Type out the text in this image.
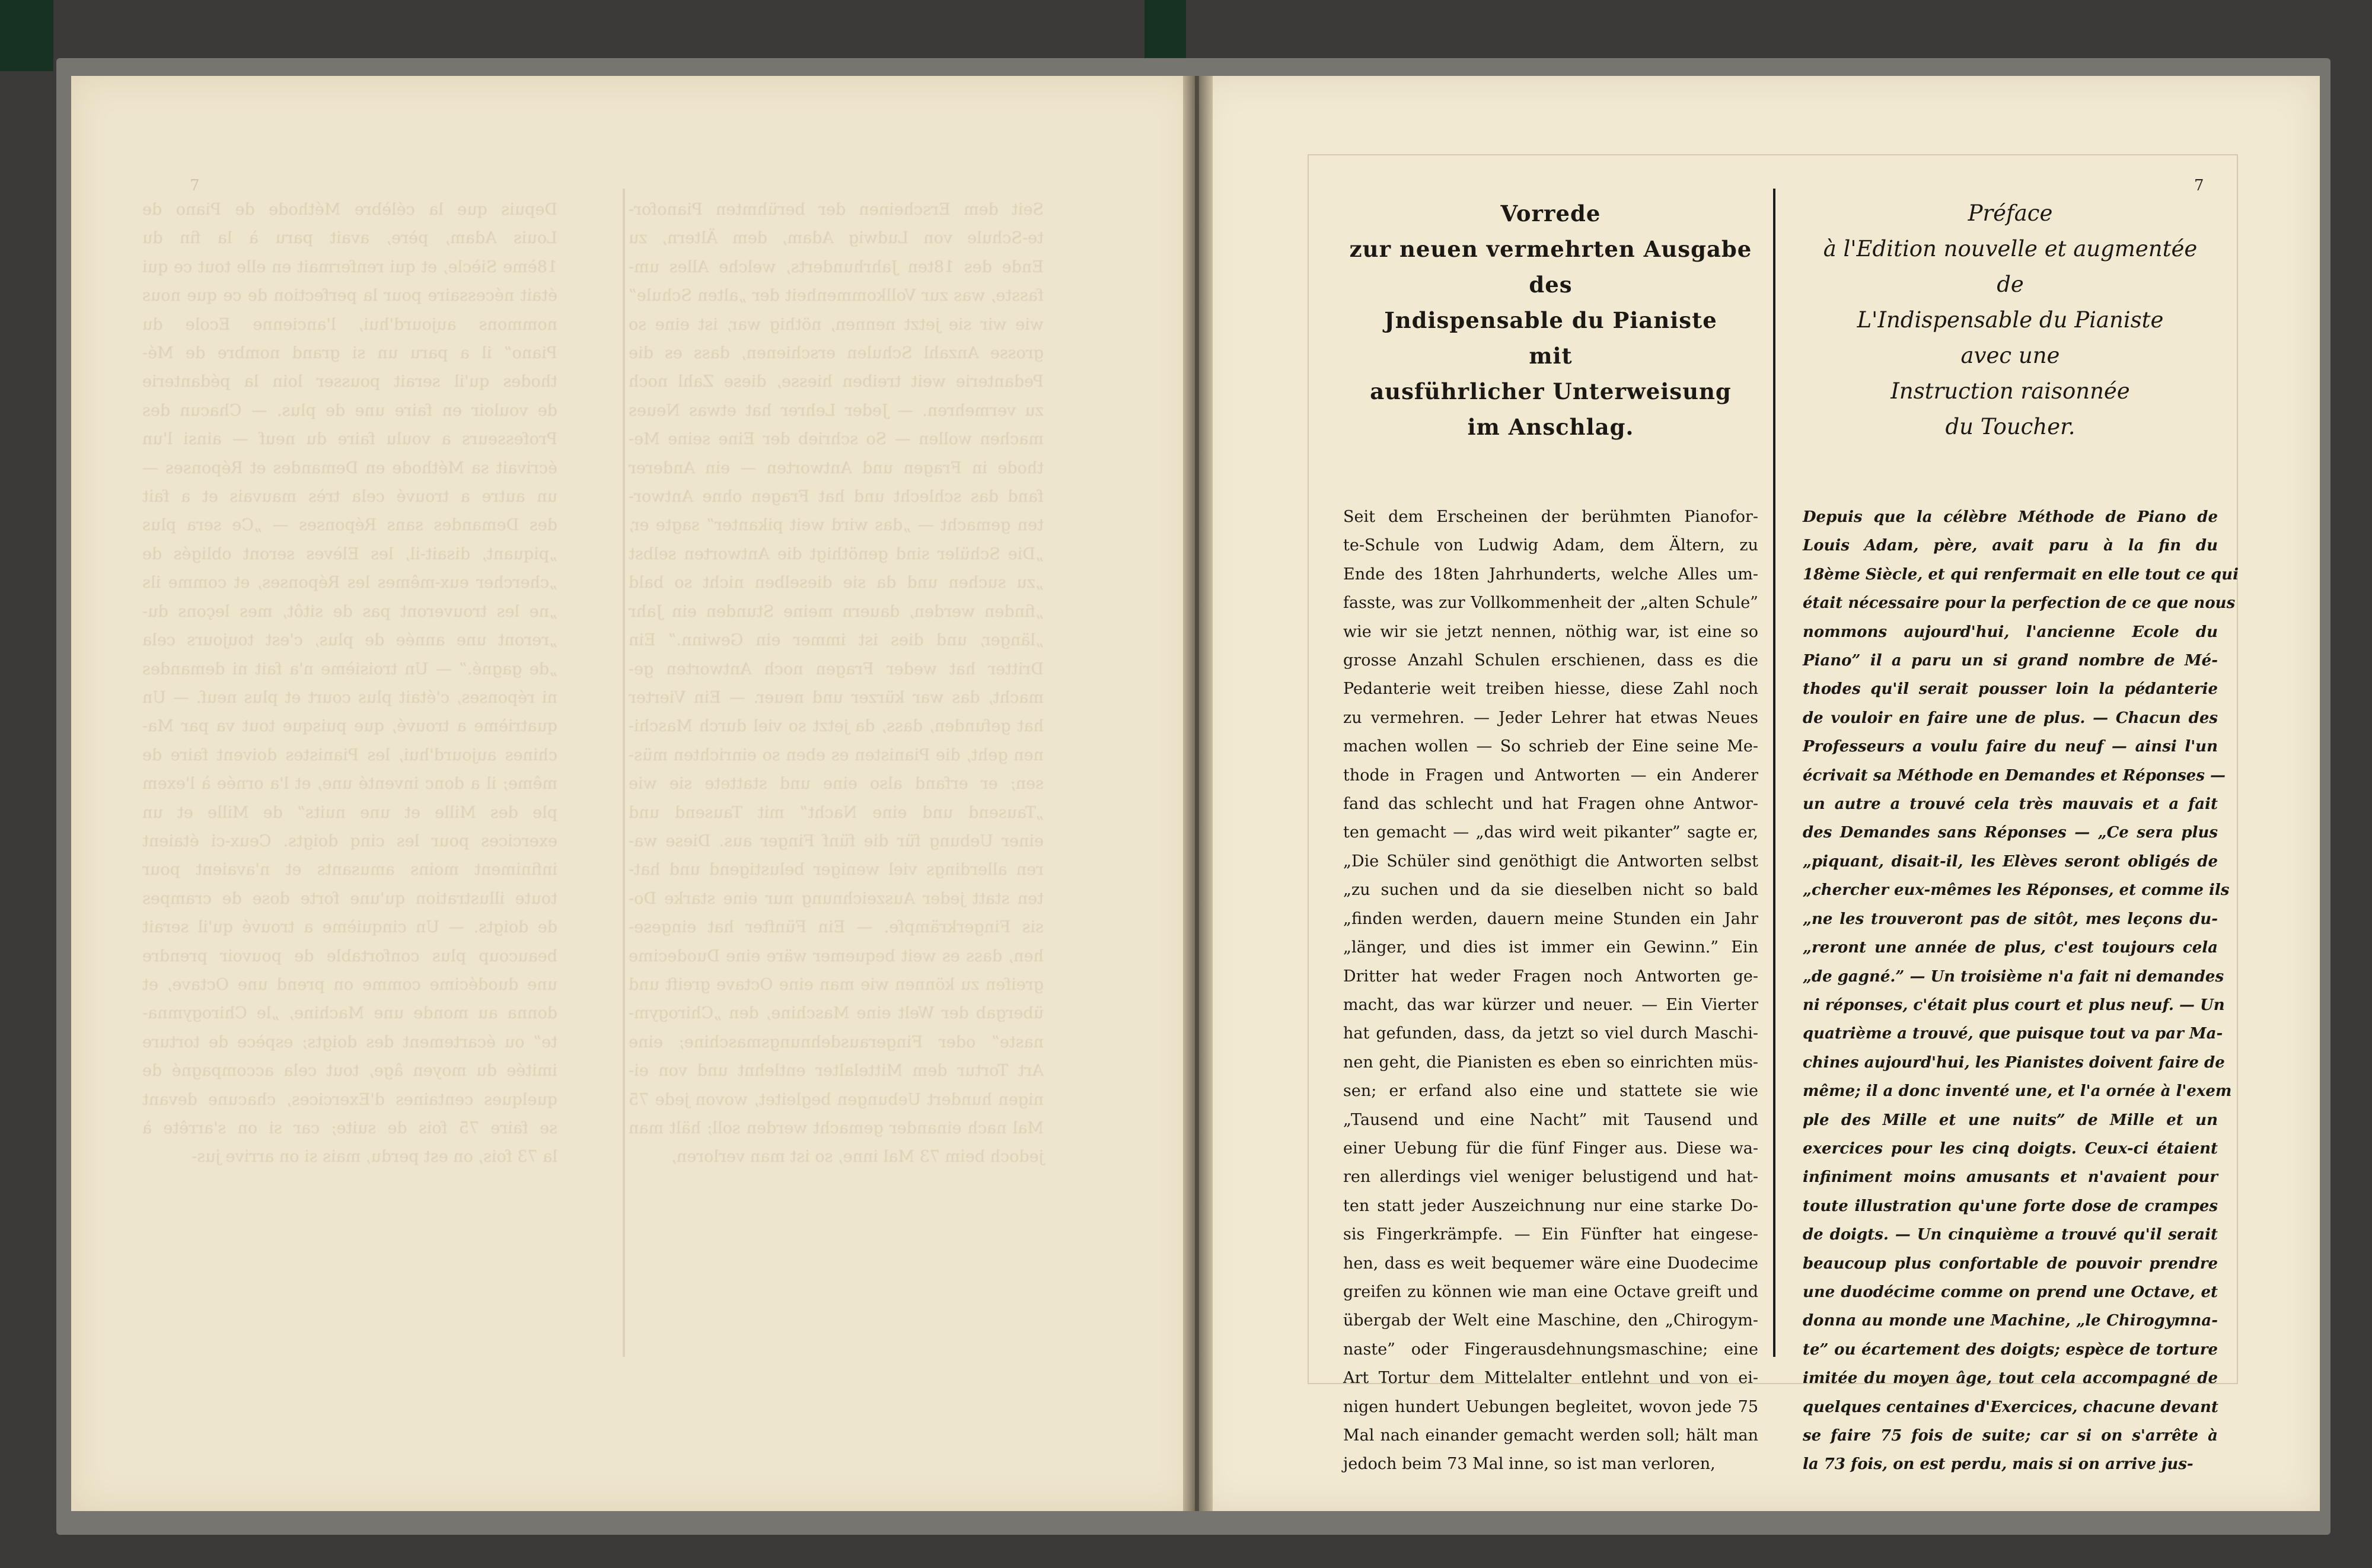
7
Depuis que la célèbre Méthode de Piano de
Louis Adam, père, avait paru à la fin du
18ème Siècle, et qui renfermait en elle tout ce qui
était nécessaire pour la perfection de ce que nous
nommons aujourd'hui, l'ancienne Ecole du
Piano” il a paru un si grand nombre de Mé-
thodes qu'il serait pousser loin la pédanterie
de vouloir en faire une de plus. — Chacun des
Professeurs a voulu faire du neuf — ainsi l'un
écrivait sa Méthode en Demandes et Réponses —
un autre a trouvé cela très mauvais et a fait
des Demandes sans Réponses — „Ce sera plus
„piquant, disait-il, les Elèves seront obligés de
„chercher eux-mêmes les Réponses, et comme ils
„ne les trouveront pas de sitôt, mes leçons du-
„reront une année de plus, c'est toujours cela
„de gagné.” — Un troisième n'a fait ni demandes
ni réponses, c'était plus court et plus neuf. — Un
quatrième a trouvé, que puisque tout va par Ma-
chines aujourd'hui, les Pianistes doivent faire de
même; il a donc inventé une, et l'a ornée à l'exem
ple des Mille et une nuits” de Mille et un
exercices pour les cinq doigts. Ceux-ci étaient
infiniment moins amusants et n'avaient pour
toute illustration qu'une forte dose de crampes
de doigts. — Un cinquième a trouvé qu'il serait
beaucoup plus confortable de pouvoir prendre
une duodécime comme on prend une Octave, et
donna au monde une Machine, „le Chirogymna-
te” ou écartement des doigts; espèce de torture
imitée du moyen âge, tout cela accompagné de
quelques centaines d'Exercices, chacune devant
se faire 75 fois de suite; car si on s'arrête à
la 73 fois, on est perdu, mais si on arrive jus-
Seit dem Erscheinen der berühmten Pianofor-
te-Schule von Ludwig Adam, dem Ältern, zu
Ende des 18ten Jahrhunderts, welche Alles um-
fasste, was zur Vollkommenheit der „alten Schule”
wie wir sie jetzt nennen, nöthig war, ist eine so
grosse Anzahl Schulen erschienen, dass es die
Pedanterie weit treiben hiesse, diese Zahl noch
zu vermehren. — Jeder Lehrer hat etwas Neues
machen wollen — So schrieb der Eine seine Me-
thode in Fragen und Antworten — ein Anderer
fand das schlecht und hat Fragen ohne Antwor-
ten gemacht — „das wird weit pikanter” sagte er,
„Die Schüler sind genöthigt die Antworten selbst
„zu suchen und da sie dieselben nicht so bald
„finden werden, dauern meine Stunden ein Jahr
„länger, und dies ist immer ein Gewinn.” Ein
Dritter hat weder Fragen noch Antworten ge-
macht, das war kürzer und neuer. — Ein Vierter
hat gefunden, dass, da jetzt so viel durch Maschi-
nen geht, die Pianisten es eben so einrichten müs-
sen; er erfand also eine und stattete sie wie
„Tausend und eine Nacht” mit Tausend und
einer Uebung für die fünf Finger aus. Diese wa-
ren allerdings viel weniger belustigend und hat-
ten statt jeder Auszeichnung nur eine starke Do-
sis Fingerkrämpfe. — Ein Fünfter hat eingese-
hen, dass es weit bequemer wäre eine Duodecime
greifen zu können wie man eine Octave greift und
übergab der Welt eine Maschine, den „Chirogym-
naste” oder Fingerausdehnungsmaschine; eine
Art Tortur dem Mittelalter entlehnt und von ei-
nigen hundert Uebungen begleitet, wovon jede 75
Mal nach einander gemacht werden soll; hält man
jedoch beim 73 Mal inne, so ist man verloren,
7
Vorrede
zur neuen vermehrten Ausgabe
des
Jndispensable du Pianiste
mit
ausführlicher Unterweisung
im Anschlag.
Seit dem Erscheinen der berühmten Pianofor-
te-Schule von Ludwig Adam, dem Ältern, zu
Ende des 18ten Jahrhunderts, welche Alles um-
fasste, was zur Vollkommenheit der „alten Schule”
wie wir sie jetzt nennen, nöthig war, ist eine so
grosse Anzahl Schulen erschienen, dass es die
Pedanterie weit treiben hiesse, diese Zahl noch
zu vermehren. — Jeder Lehrer hat etwas Neues
machen wollen — So schrieb der Eine seine Me-
thode in Fragen und Antworten — ein Anderer
fand das schlecht und hat Fragen ohne Antwor-
ten gemacht — „das wird weit pikanter” sagte er,
„Die Schüler sind genöthigt die Antworten selbst
„zu suchen und da sie dieselben nicht so bald
„finden werden, dauern meine Stunden ein Jahr
„länger, und dies ist immer ein Gewinn.” Ein
Dritter hat weder Fragen noch Antworten ge-
macht, das war kürzer und neuer. — Ein Vierter
hat gefunden, dass, da jetzt so viel durch Maschi-
nen geht, die Pianisten es eben so einrichten müs-
sen; er erfand also eine und stattete sie wie
„Tausend und eine Nacht” mit Tausend und
einer Uebung für die fünf Finger aus. Diese wa-
ren allerdings viel weniger belustigend und hat-
ten statt jeder Auszeichnung nur eine starke Do-
sis Fingerkrämpfe. — Ein Fünfter hat eingese-
hen, dass es weit bequemer wäre eine Duodecime
greifen zu können wie man eine Octave greift und
übergab der Welt eine Maschine, den „Chirogym-
naste” oder Fingerausdehnungsmaschine; eine
Art Tortur dem Mittelalter entlehnt und von ei-
nigen hundert Uebungen begleitet, wovon jede 75
Mal nach einander gemacht werden soll; hält man
jedoch beim 73 Mal inne, so ist man verloren,
Préface
à l'Edition nouvelle et augmentée
de
L'Indispensable du Pianiste
avec une
Instruction raisonnée
du Toucher.
Depuis que la célèbre Méthode de Piano de
Louis Adam, père, avait paru à la fin du
18ème Siècle, et qui renfermait en elle tout ce qui
était nécessaire pour la perfection de ce que nous
nommons aujourd'hui, l'ancienne Ecole du
Piano” il a paru un si grand nombre de Mé-
thodes qu'il serait pousser loin la pédanterie
de vouloir en faire une de plus. — Chacun des
Professeurs a voulu faire du neuf — ainsi l'un
écrivait sa Méthode en Demandes et Réponses —
un autre a trouvé cela très mauvais et a fait
des Demandes sans Réponses — „Ce sera plus
„piquant, disait-il, les Elèves seront obligés de
„chercher eux-mêmes les Réponses, et comme ils
„ne les trouveront pas de sitôt, mes leçons du-
„reront une année de plus, c'est toujours cela
„de gagné.” — Un troisième n'a fait ni demandes
ni réponses, c'était plus court et plus neuf. — Un
quatrième a trouvé, que puisque tout va par Ma-
chines aujourd'hui, les Pianistes doivent faire de
même; il a donc inventé une, et l'a ornée à l'exem
ple des Mille et une nuits” de Mille et un
exercices pour les cinq doigts. Ceux-ci étaient
infiniment moins amusants et n'avaient pour
toute illustration qu'une forte dose de crampes
de doigts. — Un cinquième a trouvé qu'il serait
beaucoup plus confortable de pouvoir prendre
une duodécime comme on prend une Octave, et
donna au monde une Machine, „le Chirogymna-
te” ou écartement des doigts; espèce de torture
imitée du moyen âge, tout cela accompagné de
quelques centaines d'Exercices, chacune devant
se faire 75 fois de suite; car si on s'arrête à
la 73 fois, on est perdu, mais si on arrive jus-
